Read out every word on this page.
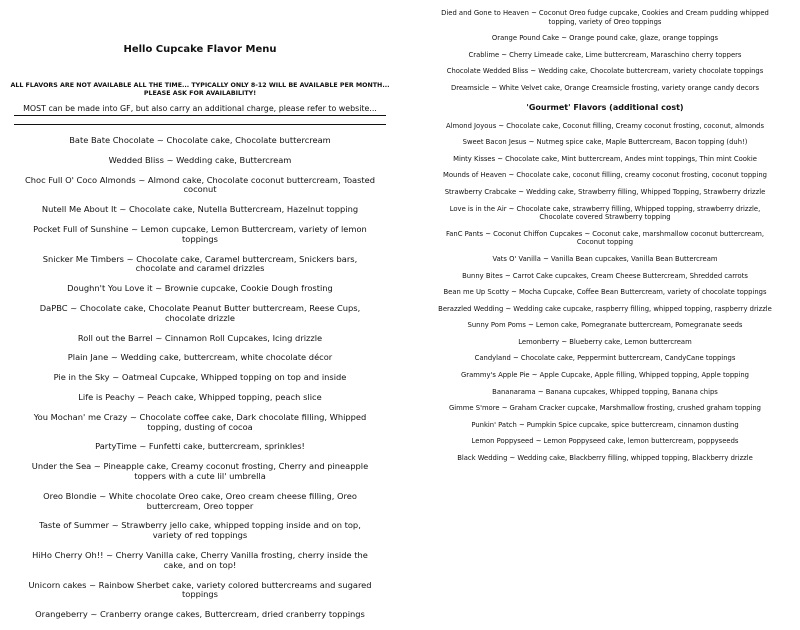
Hello Cupcake Flavor Menu

ALL FLAVORS ARE NOT AVAILABLE ALL THE TIME... TYPICALLY ONLY 8-12 WILL BE AVAILABLE PER MONTH... PLEASE ASK FOR AVAILABILITY!

MOST can be made into GF, but also carry an additional charge, please refer to website...

Bate Bate Chocolate ~ Chocolate cake, Chocolate buttercream
Wedded Bliss ~ Wedding cake, Buttercream
Choc Full O' Coco Almonds ~ Almond cake, Chocolate coconut buttercream, Toasted coconut
Nutell Me About It ~ Chocolate cake, Nutella Buttercream, Hazelnut topping
Pocket Full of Sunshine ~ Lemon cupcake, Lemon Buttercream, variety of lemon toppings
Snicker Me Timbers ~ Chocolate cake, Caramel buttercream, Snickers bars, chocolate and caramel drizzles
Doughn't You Love it ~ Brownie cupcake, Cookie Dough frosting
DaPBC ~ Chocolate cake, Chocolate Peanut Butter buttercream, Reese Cups, chocolate drizzle
Roll out the Barrel ~ Cinnamon Roll Cupcakes, Icing drizzle
Plain Jane ~ Wedding cake, buttercream, white chocolate décor
Pie in the Sky ~ Oatmeal Cupcake, Whipped topping on top and inside
Life is Peachy ~ Peach cake, Whipped topping, peach slice
You Mochan' me Crazy ~ Chocolate coffee cake, Dark chocolate filling, Whipped topping, dusting of cocoa
PartyTime ~ Funfetti cake, buttercream, sprinkles!
Under the Sea ~ Pineapple cake, Creamy coconut frosting, Cherry and pineapple toppers with a cute lil' umbrella
Oreo Blondie ~ White chocolate Oreo cake, Oreo cream cheese filling, Oreo buttercream, Oreo topper
Taste of Summer ~ Strawberry jello cake, whipped topping inside and on top, variety of red toppings
HiHo Cherry Oh!! ~ Cherry Vanilla cake, Cherry Vanilla frosting, cherry inside the cake, and on top!
Unicorn cakes ~ Rainbow Sherbet cake, variety colored buttercreams and sugared toppings
Orangeberry ~ Cranberry orange cakes, Buttercream, dried cranberry toppings
Died and Gone to Heaven ~ Coconut Oreo fudge cupcake, Cookies and Cream pudding whipped topping, variety of Oreo toppings
Orange Pound Cake ~ Orange pound cake, glaze, orange toppings
Crablime ~ Cherry Limeade cake, Lime buttercream, Maraschino cherry toppers
Chocolate Wedded Bliss ~ Wedding cake, Chocolate buttercream, variety chocolate toppings
Dreamsicle ~ White Velvet cake, Orange Creamsicle frosting, variety orange candy decors
'Gourmet' Flavors (additional cost)
Almond Joyous ~ Chocolate cake, Coconut filling, Creamy coconut frosting, coconut, almonds
Sweet Bacon Jesus ~ Nutmeg spice cake, Maple Buttercream, Bacon topping (duh!)
Minty Kisses ~ Chocolate cake, Mint buttercream, Andes mint toppings, Thin mint Cookie
Mounds of Heaven ~ Chocolate cake, coconut filling, creamy coconut frosting, coconut topping
Strawberry Crabcake ~ Wedding cake, Strawberry filling, Whipped Topping, Strawberry drizzle
Love is in the Air ~ Chocolate cake, strawberry filling, Whipped topping, strawberry drizzle, Chocolate covered Strawberry topping
FanC Pants ~ Coconut Chiffon Cupcakes ~ Coconut cake, marshmallow coconut buttercream, Coconut topping
Vats O' Vanilla ~ Vanilla Bean cupcakes, Vanilla Bean Buttercream
Bunny Bites ~ Carrot Cake cupcakes, Cream Cheese Buttercream, Shredded carrots
Bean me Up Scotty ~ Mocha Cupcake, Coffee Bean Buttercream, variety of chocolate toppings
Berazzled Wedding ~ Wedding cake cupcake, raspberry filling, whipped topping, raspberry drizzle
Sunny Pom Poms ~ Lemon cake, Pomegranate buttercream, Pomegranate seeds
Lemonberry ~ Blueberry cake, Lemon buttercream
Candyland ~ Chocolate cake, Peppermint buttercream, CandyCane toppings
Grammy's Apple Pie ~ Apple Cupcake, Apple filling, Whipped topping, Apple topping
Bananarama ~ Banana cupcakes, Whipped topping, Banana chips
Gimme S'more ~ Graham Cracker cupcake, Marshmallow frosting, crushed graham topping
Punkin' Patch ~ Pumpkin Spice cupcake, spice buttercream, cinnamon dusting
Lemon Poppyseed ~ Lemon Poppyseed cake, lemon buttercream, poppyseeds
Black Wedding ~ Wedding cake, Blackberry filling, whipped topping, Blackberry drizzle
